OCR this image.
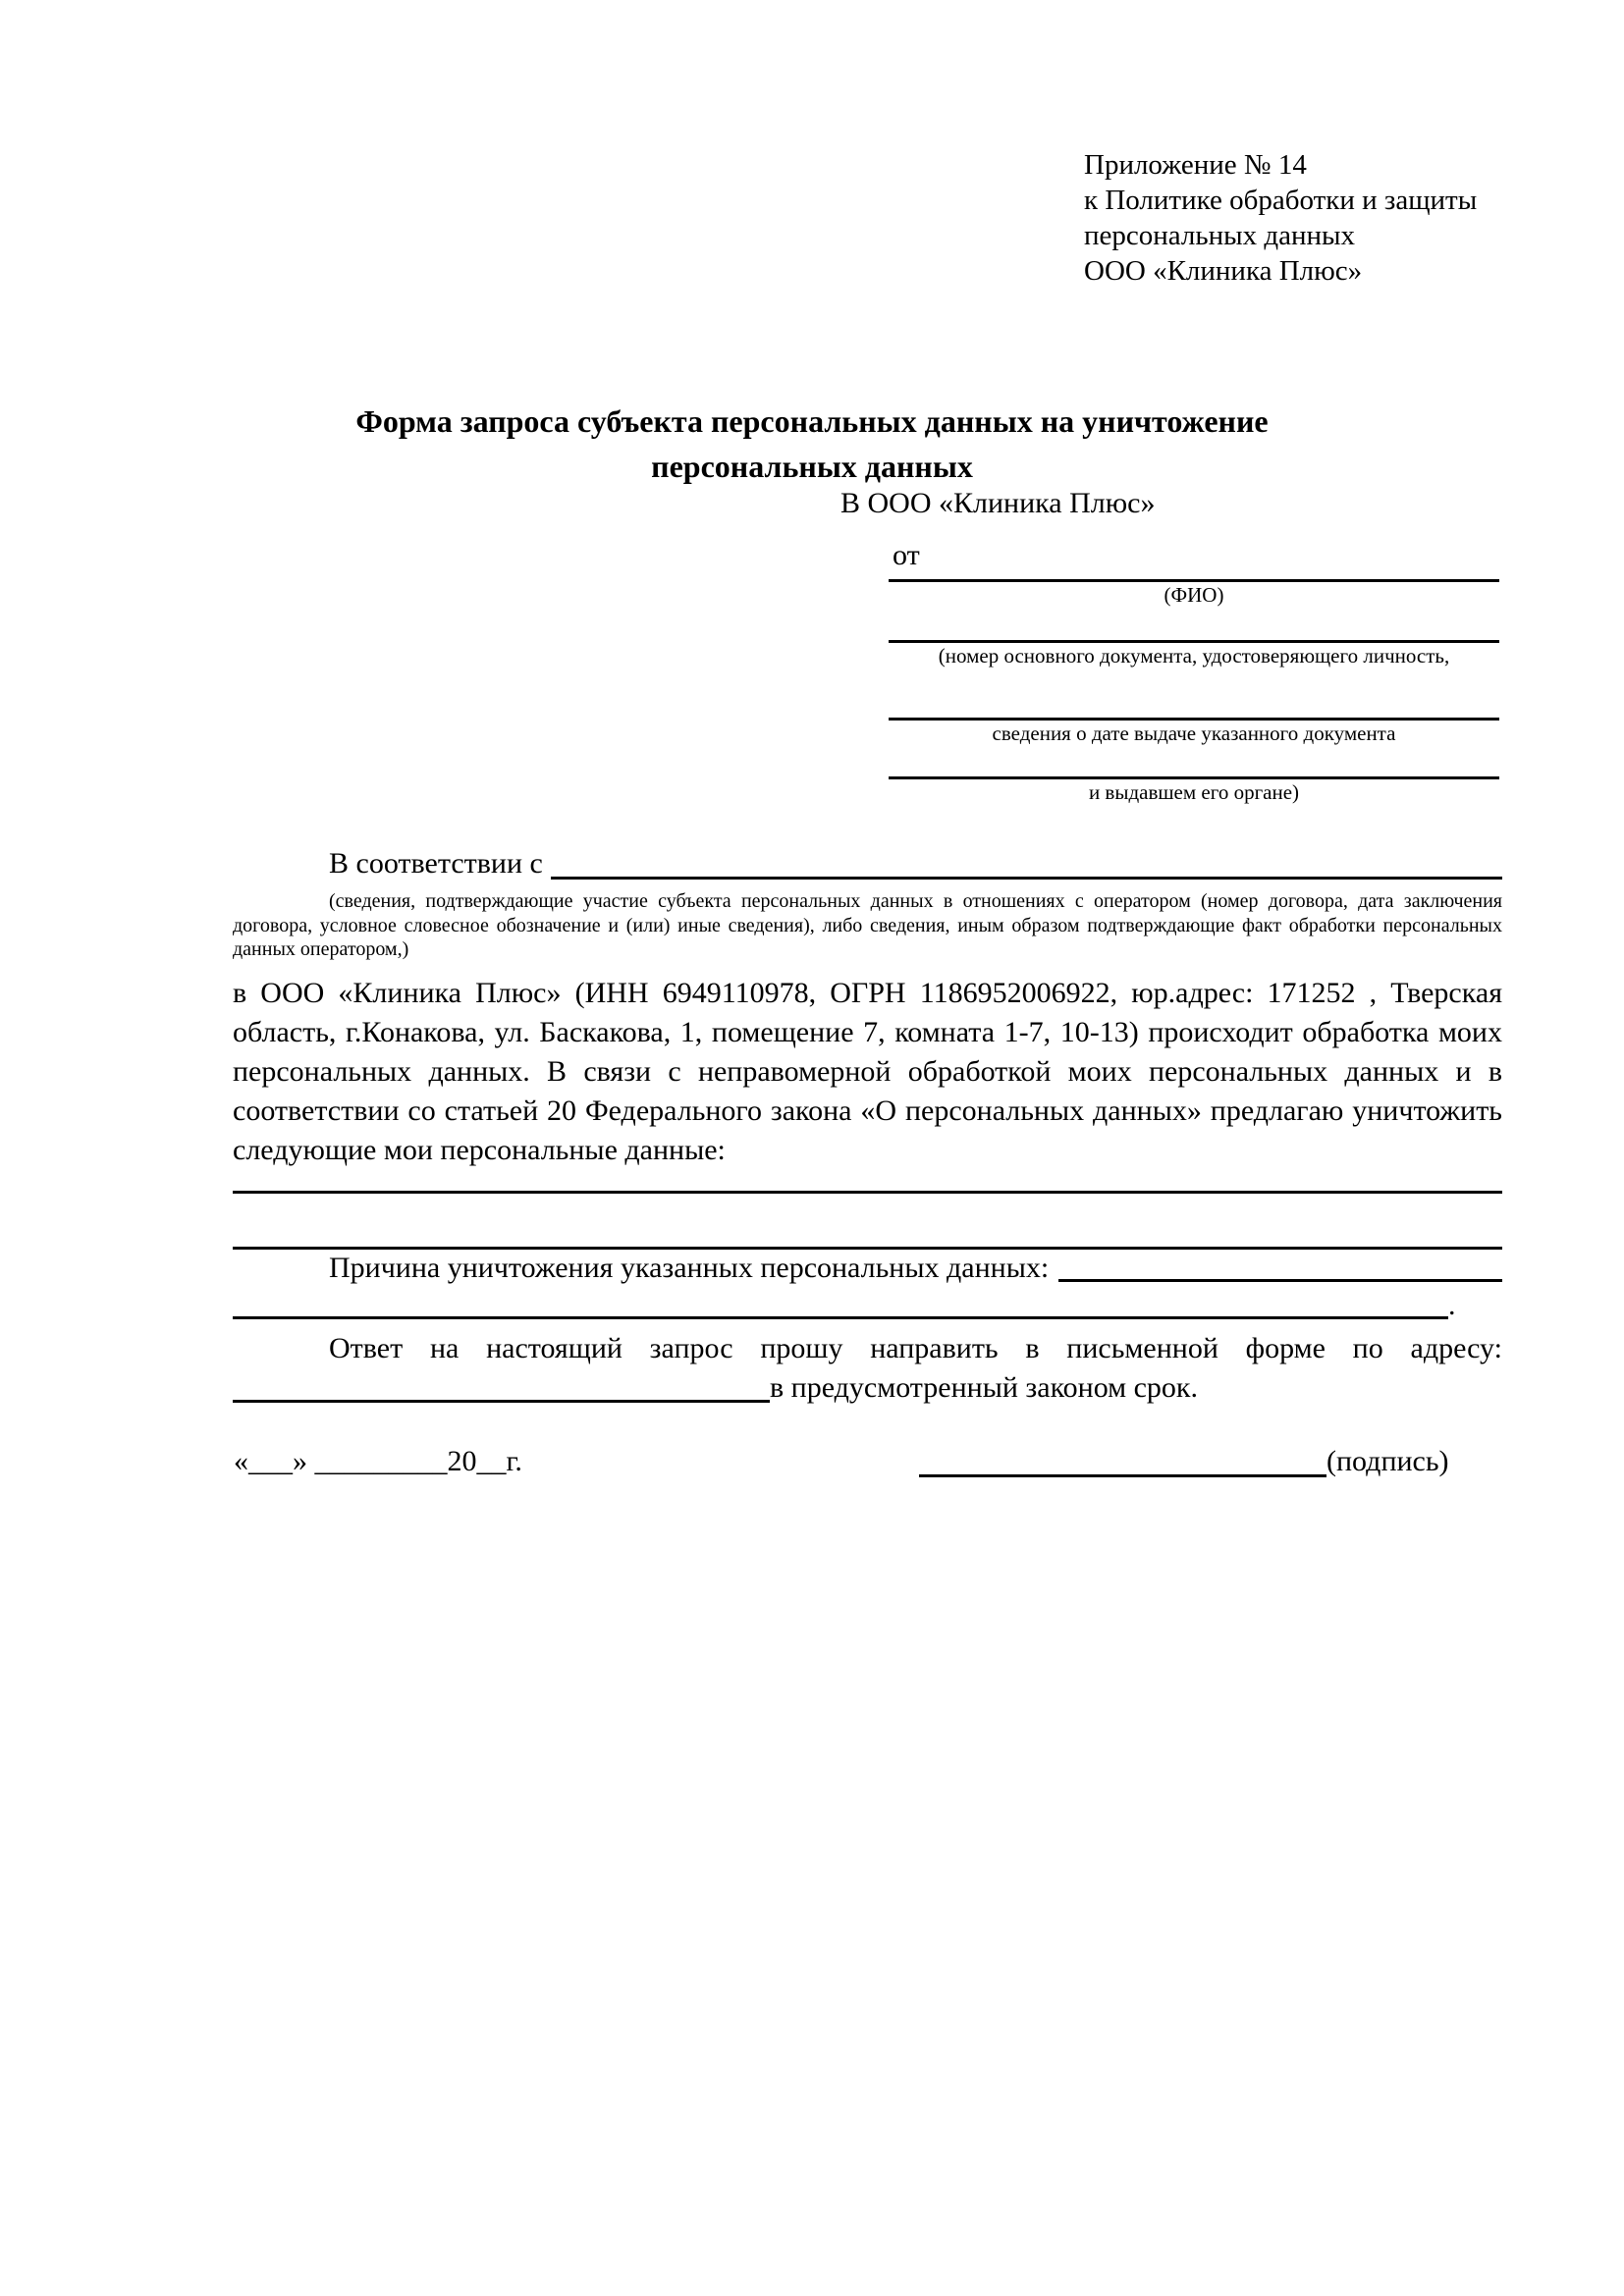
Приложение № 14
к Политике обработки и защиты
персональных данных
ООО «Клиника Плюс»
Форма запроса субъекта персональных данных на уничтожение персональных данных
В ООО «Клиника Плюс»
от
(ФИО)
(номер основного документа, удостоверяющего личность,
сведения о дате выдаче указанного документа
и выдавшем его органе)
В соответствии с
(сведения, подтверждающие участие субъекта персональных данных в отношениях с оператором (номер договора, дата заключения договора, условное словесное обозначение и (или) иные сведения), либо сведения, иным образом подтверждающие факт обработки персональных данных оператором,)
в ООО «Клиника Плюс» (ИНН 6949110978, ОГРН 1186952006922, юр.адрес: 171252 , Тверская область, г.Конакова, ул. Баскакова, 1, помещение 7, комната 1-7, 10-13) происходит обработка моих персональных данных. В связи с неправомерной обработкой моих персональных данных и в соответствии со статьей 20 Федерального закона «О персональных данных» предлагаю уничтожить следующие мои персональные данные:
Причина уничтожения указанных персональных данных:
.
Ответ на настоящий запрос прошу направить в письменной форме по адресу:
в предусмотренный законом срок.
«___» _________20__г.	(подпись)
